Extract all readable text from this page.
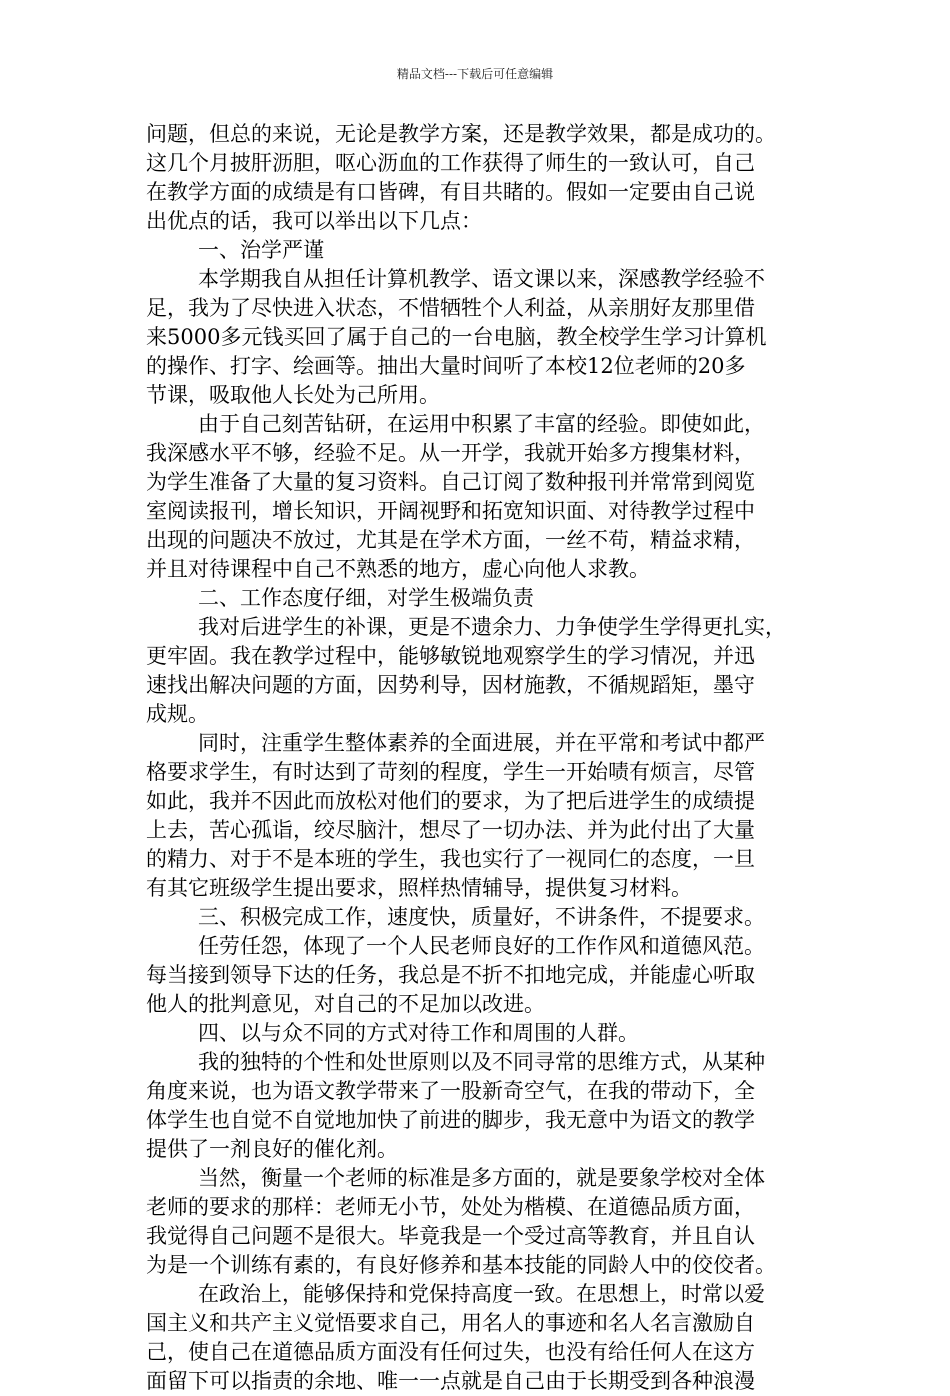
精品文档---下载后可任意编辑
问题，但总的来说，无论是教学方案，还是教学效果，都是成功的。
这几个月披肝沥胆，呕心沥血的工作获得了师生的一致认可，自己
在教学方面的成绩是有口皆碑，有目共睹的。假如一定要由自己说
出优点的话，我可以举出以下几点：
一、治学严谨
本学期我自从担任计算机教学、语文课以来，深感教学经验不
足，我为了尽快进入状态，不惜牺牲个人利益，从亲朋好友那里借
来5000多元钱买回了属于自己的一台电脑，教全校学生学习计算机
的操作、打字、绘画等。抽出大量时间听了本校12位老师的20多
节课，吸取他人长处为己所用。
由于自己刻苦钻研，在运用中积累了丰富的经验。即使如此，
我深感水平不够，经验不足。从一开学，我就开始多方搜集材料，
为学生准备了大量的复习资料。自己订阅了数种报刊并常常到阅览
室阅读报刊，增长知识，开阔视野和拓宽知识面、对待教学过程中
出现的问题决不放过，尤其是在学术方面，一丝不苟，精益求精，
并且对待课程中自己不熟悉的地方，虚心向他人求教。
二、工作态度仔细，对学生极端负责
我对后进学生的补课，更是不遗余力、力争使学生学得更扎实，
更牢固。我在教学过程中，能够敏锐地观察学生的学习情况，并迅
速找出解决问题的方面，因势利导，因材施教，不循规蹈矩，墨守
成规。
同时，注重学生整体素养的全面进展，并在平常和考试中都严
格要求学生，有时达到了苛刻的程度，学生一开始啧有烦言，尽管
如此，我并不因此而放松对他们的要求，为了把后进学生的成绩提
上去，苦心孤诣，绞尽脑汁，想尽了一切办法、并为此付出了大量
的精力、对于不是本班的学生，我也实行了一视同仁的态度，一旦
有其它班级学生提出要求，照样热情辅导，提供复习材料。
三、积极完成工作，速度快，质量好，不讲条件，不提要求。
任劳任怨，体现了一个人民老师良好的工作作风和道德风范。
每当接到领导下达的任务，我总是不折不扣地完成，并能虚心听取
他人的批判意见，对自己的不足加以改进。
四、以与众不同的方式对待工作和周围的人群。
我的独特的个性和处世原则以及不同寻常的思维方式，从某种
角度来说，也为语文教学带来了一股新奇空气，在我的带动下，全
体学生也自觉不自觉地加快了前进的脚步，我无意中为语文的教学
提供了一剂良好的催化剂。
当然，衡量一个老师的标准是多方面的，就是要象学校对全体
老师的要求的那样：老师无小节，处处为楷模、在道德品质方面，
我觉得自己问题不是很大。毕竟我是一个受过高等教育，并且自认
为是一个训练有素的，有良好修养和基本技能的同龄人中的佼佼者。
在政治上，能够保持和党保持高度一致。在思想上，时常以爱
国主义和共产主义觉悟要求自己，用名人的事迹和名人名言激励自
己，使自己在道德品质方面没有任何过失，也没有给任何人在这方
面留下可以指责的余地、唯一一点就是自己由于长期受到各种浪漫
